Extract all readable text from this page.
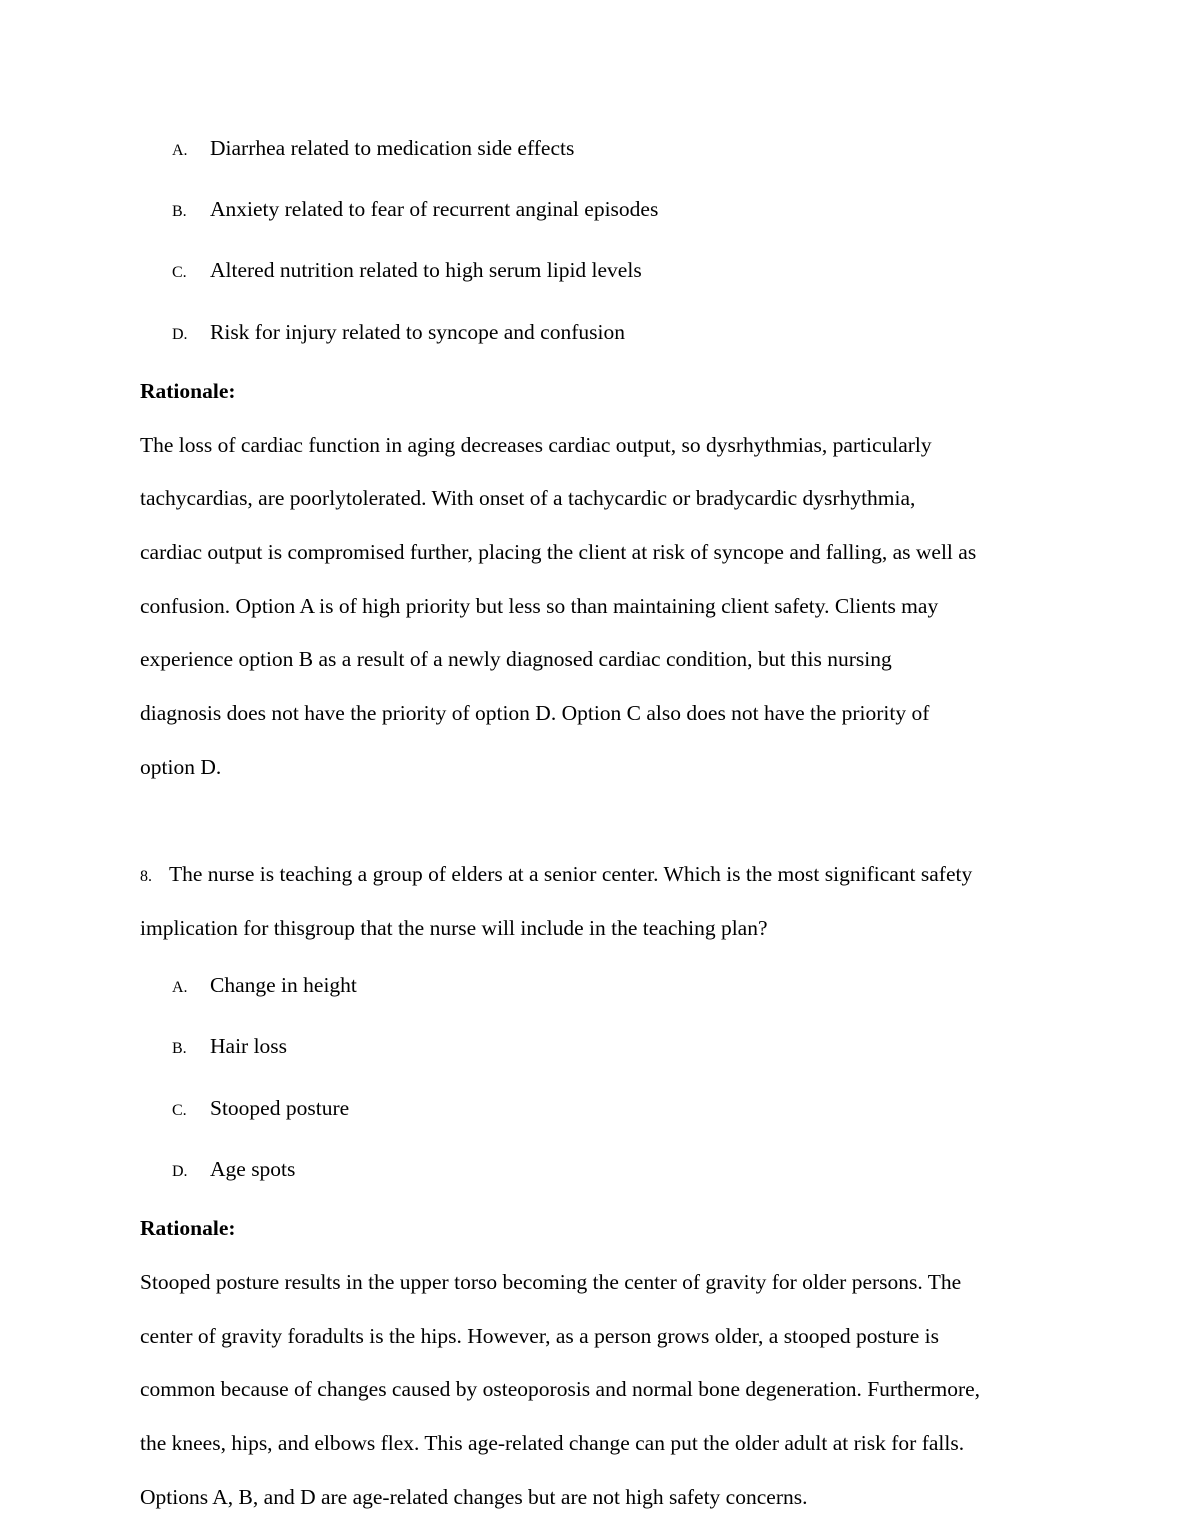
A. Diarrhea related to medication side effects
B. Anxiety related to fear of recurrent anginal episodes
C. Altered nutrition related to high serum lipid levels
D. Risk for injury related to syncope and confusion
Rationale:
The loss of cardiac function in aging decreases cardiac output, so dysrhythmias, particularly
tachycardias, are poorlytolerated. With onset of a tachycardic or bradycardic dysrhythmia,
cardiac output is compromised further, placing the client at risk of syncope and falling, as well as
confusion. Option A is of high priority but less so than maintaining client safety. Clients may
experience option B as a result of a newly diagnosed cardiac condition, but this nursing
diagnosis does not have the priority of option D. Option C also does not have the priority of
option D.
8. The nurse is teaching a group of elders at a senior center. Which is the most significant safety
implication for thisgroup that the nurse will include in the teaching plan?
A. Change in height
B. Hair loss
C. Stooped posture
D. Age spots
Rationale:
Stooped posture results in the upper torso becoming the center of gravity for older persons. The
center of gravity foradults is the hips. However, as a person grows older, a stooped posture is
common because of changes caused by osteoporosis and normal bone degeneration. Furthermore,
the knees, hips, and elbows flex. This age-related change can put the older adult at risk for falls.
Options A, B, and D are age-related changes but are not high safety concerns.
